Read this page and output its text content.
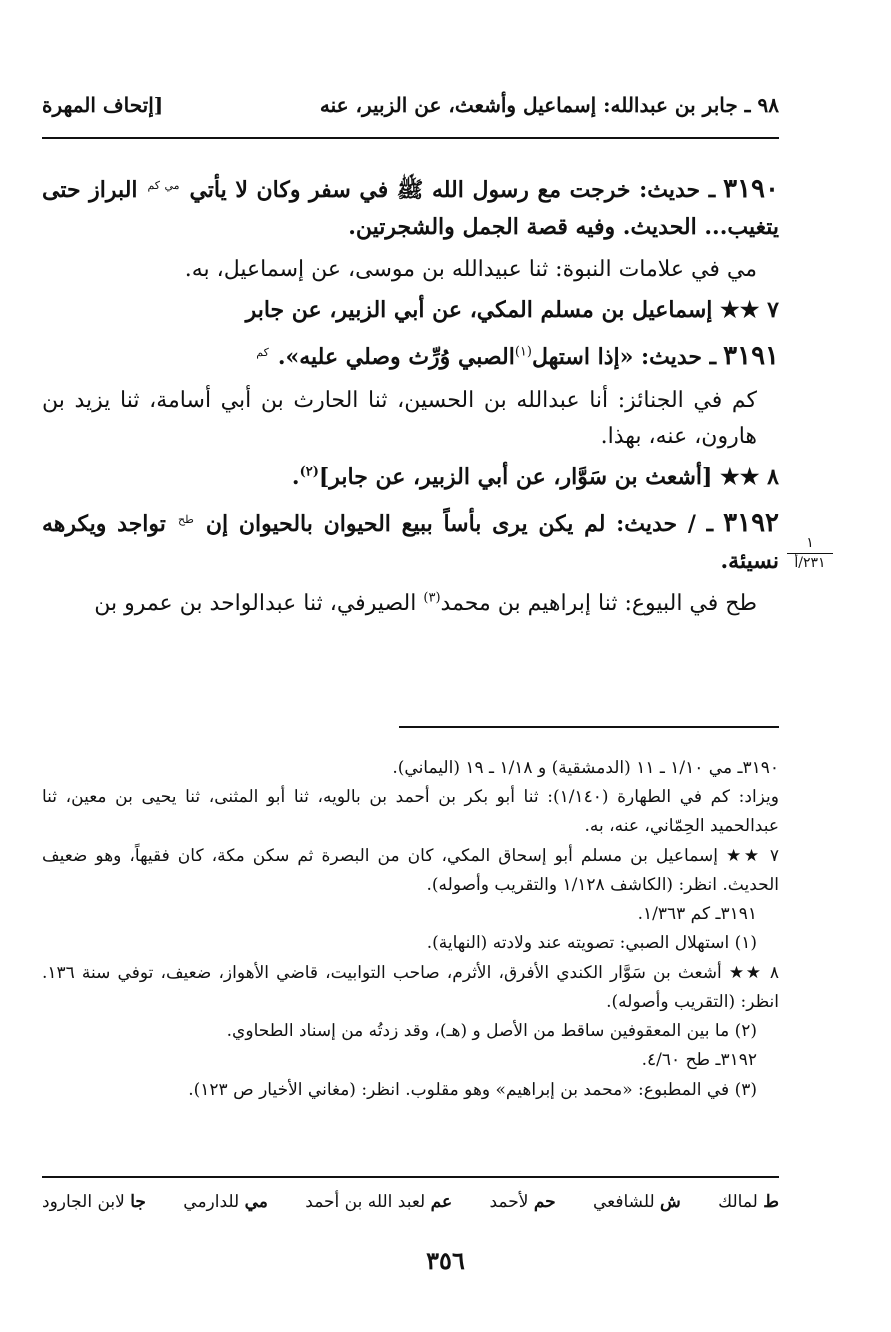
٩٨ ـ جابر بن عبدالله: إسماعيل وأشعث، عن الزبير، عنه
[إتحاف المهرة
١
٢٣١/أ

٣١٩٠ ـ حديث: خرجت مع رسول الله ﷺ في سفر وكان لا يأتي $^{مي كم}$ البراز حتى يتغيب... الحديث. وفيه قصة الجمل والشجرتين.

مي في علامات النبوة: ثنا عبيدالله بن موسى، عن إسماعيل، به.

٧ ★★ إسماعيل بن مسلم المكي، عن أبي الزبير، عن جابر

٣١٩١ ـ حديث: «إذا استهل$^{(١)}$الصبي وُرِّث وصلي عليه». $^{كم}$

كم في الجنائز: أنا عبدالله بن الحسين، ثنا الحارث بن أبي أسامة، ثنا يزيد بن هارون، عنه، بهذا.

٨ ★★ [أشعث بن سَوَّار، عن أبي الزبير، عن جابر]$^{(٢)}$.

٣١٩٢ ـ / حديث: لم يكن يرى بأساً ببيع الحيوان بالحيوان إن $^{طح}$ تواجد ويكرهه نسيئة.

طح في البيوع: ثنا إبراهيم بن محمد$^{(٣)}$ الصيرفي، ثنا عبدالواحد بن عمرو بن

٣١٩٠ـ مي ١/١٠ ـ ١١ (الدمشقية) و ١/١٨ ـ ١٩ (اليماني).

ويزاد: كم في الطهارة (١/١٤٠): ثنا أبو بكر بن أحمد بن بالويه، ثنا أبو المثنى، ثنا يحيى بن معين، ثنا عبدالحميد الحِمّاني، عنه، به.

٧ ★★ إسماعيل بن مسلم أبو إسحاق المكي، كان من البصرة ثم سكن مكة، كان فقيهاً، وهو ضعيف الحديث. انظر: (الكاشف ١/١٢٨ والتقريب وأصوله).

٣١٩١ـ كم ١/٣٦٣.

(١) استهلال الصبي: تصويته عند ولادته (النهاية).

٨ ★★ أشعث بن سَوَّار الكندي الأفرق، الأثرم، صاحب التوابيت، قاضي الأهواز، ضعيف، توفي سنة ١٣٦. انظر: (التقريب وأصوله).

(٢) ما بين المعقوفين ساقط من الأصل و (هـ)، وقد زدتُه من إسناد الطحاوي.

٣١٩٢ـ طح ٤/٦٠.

(٣) في المطبوع: «محمد بن إبراهيم» وهو مقلوب. انظر: (مغاني الأخيار ص ١٢٣).

ط لمالك
ش للشافعي
حم لأحمد
عم لعبد الله بن أحمد
مي للدارمي
جا لابن الجارود
٣٥٦
